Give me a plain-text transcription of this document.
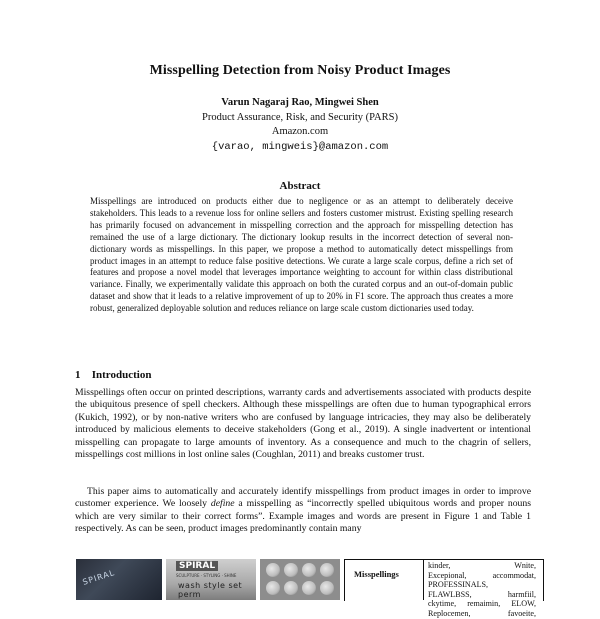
Misspelling Detection from Noisy Product Images
Varun Nagaraj Rao, Mingwei Shen
Product Assurance, Risk, and Security (PARS)
Amazon.com
{varao, mingweis}@amazon.com
Abstract
Misspellings are introduced on products either due to negligence or as an attempt to deliberately deceive stakeholders. This leads to a revenue loss for online sellers and fosters customer mistrust. Existing spelling research has primarily focused on advancement in misspelling correction and the approach for misspelling detection has remained the use of a large dictionary. The dictionary lookup results in the incorrect detection of several non-dictionary words as misspellings. In this paper, we propose a method to automatically detect misspellings from product images in an attempt to reduce false positive detections. We curate a large scale corpus, define a rich set of features and propose a novel model that leverages importance weighting to account for within class distributional variance. Finally, we experimentally validate this approach on both the curated corpus and an out-of-domain public dataset and show that it leads to a relative improvement of up to 20% in F1 score. The approach thus creates a more robust, generalized deployable solution and reduces reliance on large scale custom dictionaries used today.
1 Introduction
Misspellings often occur on printed descriptions, warranty cards and advertisements associated with products despite the ubiquitous presence of spell checkers. Although these misspellings are often due to human typographical errors (Kukich, 1992), or by non-native writers who are confused by language intricacies, they may also be deliberately introduced by malicious elements to deceive stakeholders (Gong et al., 2019). A single inadvertent or intentional misspelling can propagate to large amounts of inventory. As a consequence and much to the chagrin of sellers, misspellings cost millions in lost online sales (Coughlan, 2011) and breaks customer trust.
This paper aims to automatically and accurately identify misspellings from product images in order to improve customer experience. We loosely define a misspelling as “incorrectly spelled ubiquitous words and proper nouns which are very similar to their correct forms”. Example images and words are present in Figure 1 and Table 1 respectively. As can be seen, product images predominantly contain many
SPIRAL
SPIRAL
SCULPTURE · STYLING · SHINE
wash style set perm
Misspellings
kinder, Wnite,
Excepional, accommodat,
PROFESSINALS,
FLAWLBSS, harmfiil,
ckytime, remaimin, ELOW,
Replocemen, favoeite,
